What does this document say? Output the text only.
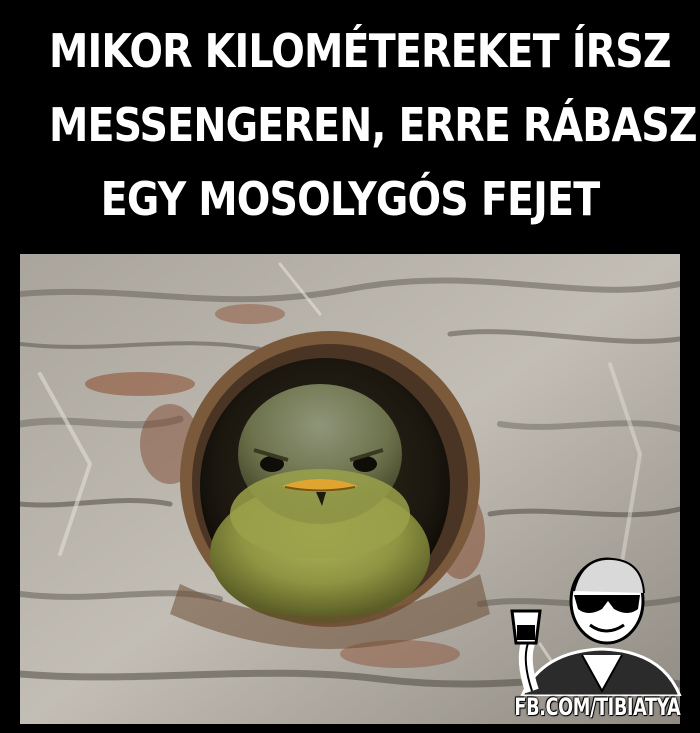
MIKOR KILOMÉTEREKET ÍRSZ
MESSENGEREN, ERRE RÁBASZ
EGY MOSOLYGÓS FEJET
FB.COM/TIBIATYA
